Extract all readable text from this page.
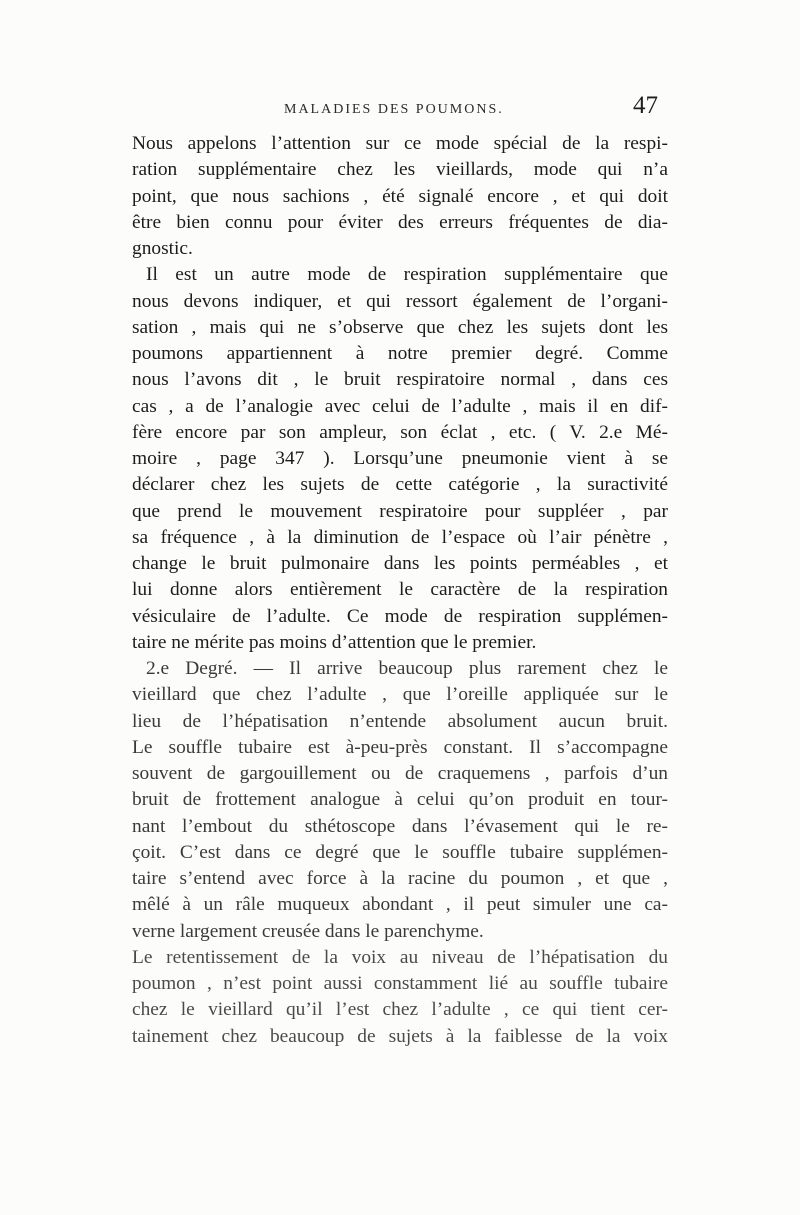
MALADIES DES POUMONS.	47
Nous appelons l’attention sur ce mode spécial de la respi-
ration supplémentaire chez les vieillards, mode qui n’a
point, que nous sachions , été signalé encore , et qui doit
être bien connu pour éviter des erreurs fréquentes de dia-
gnostic.
Il est un autre mode de respiration supplémentaire que
nous devons indiquer, et qui ressort également de l’organi-
sation , mais qui ne s’observe que chez les sujets dont les
poumons appartiennent à notre premier degré. Comme
nous l’avons dit , le bruit respiratoire normal , dans ces
cas , a de l’analogie avec celui de l’adulte , mais il en dif-
fère encore par son ampleur, son éclat , etc. ( V. 2.e Mé-
moire , page 347 ). Lorsqu’une pneumonie vient à se
déclarer chez les sujets de cette catégorie , la suractivité
que prend le mouvement respiratoire pour suppléer , par
sa fréquence , à la diminution de l’espace où l’air pénètre ,
change le bruit pulmonaire dans les points perméables , et
lui donne alors entièrement le caractère de la respiration
vésiculaire de l’adulte. Ce mode de respiration supplémen-
taire ne mérite pas moins d’attention que le premier.
2.e Degré. — Il arrive beaucoup plus rarement chez le
vieillard que chez l’adulte , que l’oreille appliquée sur le
lieu de l’hépatisation n’entende absolument aucun bruit.
Le souffle tubaire est à-peu-près constant. Il s’accompagne
souvent de gargouillement ou de craquemens , parfois d’un
bruit de frottement analogue à celui qu’on produit en tour-
nant l’embout du sthétoscope dans l’évasement qui le re-
çoit. C’est dans ce degré que le souffle tubaire supplémen-
taire s’entend avec force à la racine du poumon , et que ,
mêlé à un râle muqueux abondant , il peut simuler une ca-
verne largement creusée dans le parenchyme.
Le retentissement de la voix au niveau de l’hépatisation du
poumon , n’est point aussi constamment lié au souffle tubaire
chez le vieillard qu’il l’est chez l’adulte , ce qui tient cer-
tainement chez beaucoup de sujets à la faiblesse de la voix
